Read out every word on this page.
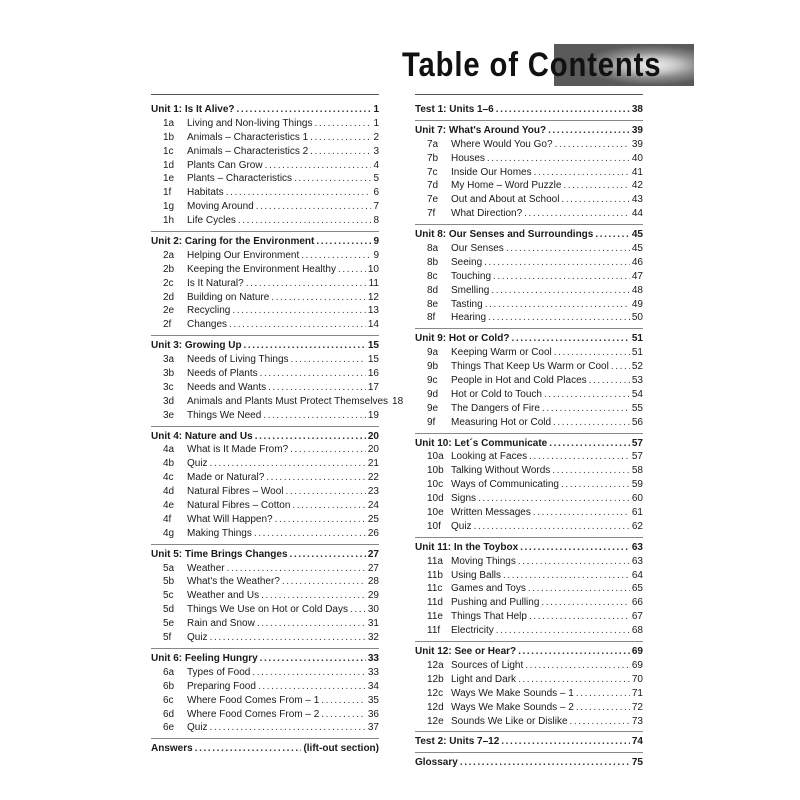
Table of Contents
Unit 1: Is It Alive? .....	1
1a	Living and Non-living Things .....	1
1b	Animals – Characteristics 1 .....	2
1c	Animals – Characteristics 2 .....	3
1d	Plants Can Grow .....	4
1e	Plants – Characteristics .....	5
1f	Habitats .....	6
1g	Moving Around .....	7
1h	Life Cycles .....	8
Unit 2: Caring for the Environment .....	9
2a	Helping Our Environment .....	9
2b	Keeping the Environment Healthy .....	10
2c	Is It Natural? .....	11
2d	Building on Nature .....	12
2e	Recycling .....	13
2f	Changes .....	14
Unit 3: Growing Up .....	15
3a	Needs of Living Things .....	15
3b	Needs of Plants .....	16
3c	Needs and Wants .....	17
3d	Animals and Plants Must Protect Themselves 18
3e	Things We Need .....	19
Unit 4: Nature and Us .....	20
4a	What is It Made From? .....	20
4b	Quiz .....	21
4c	Made or Natural? .....	22
4d	Natural Fibres – Wool .....	23
4e	Natural Fibres – Cotton .....	24
4f	What Will Happen? .....	25
4g	Making Things .....	26
Unit 5: Time Brings Changes .....	27
5a	Weather .....	27
5b	What's the Weather? .....	28
5c	Weather and Us .....	29
5d	Things We Use on Hot or Cold Days ..... 30
5e	Rain and Snow .....	31
5f	Quiz .....	32
Unit 6: Feeling Hungry .....	33
6a	Types of Food .....	33
6b	Preparing Food .....	34
6c	Where Food Comes From – 1 .....	35
6d	Where Food Comes From – 2 .....	36
6e	Quiz .....	37
Answers .....	(lift-out section)
Test 1: Units 1–6 .....	38
Unit 7: What's Around You? .....	39
7a	Where Would You Go? .....	39
7b	Houses .....	40
7c	Inside Our Homes .....	41
7d	My Home – Word Puzzle .....	42
7e	Out and About at School .....	43
7f	What Direction? .....	44
Unit 8: Our Senses and Surroundings .....	45
8a	Our Senses .....	45
8b	Seeing .....	46
8c	Touching .....	47
8d	Smelling .....	48
8e	Tasting .....	49
8f	Hearing .....	50
Unit 9: Hot or Cold? .....	51
9a	Keeping Warm or Cool .....	51
9b	Things That Keep Us Warm or Cool ..... 52
9c	People in Hot and Cold Places .....	53
9d	Hot or Cold to Touch .....	54
9e	The Dangers of Fire .....	55
9f	Measuring Hot or Cold .....	56
Unit 10: Let´s Communicate .....	57
10a Looking at Faces .....	57
10b Talking Without Words .....	58
10c Ways of Communicating .....	59
10d Signs .....	60
10e Written Messages .....	61
10f	Quiz .....	62
Unit 11: In the Toybox .....	63
11a Moving Things .....	63
11b Using Balls .....	64
11c Games and Toys .....	65
11d Pushing and Pulling .....	66
11e Things That Help .....	67
11f	Electricity .....	68
Unit 12: See or Hear? .....	69
12a Sources of Light .....	69
12b Light and Dark .....	70
12c Ways We Make Sounds – 1 .....	71
12d Ways We Make Sounds – 2 .....	72
12e Sounds We Like or Dislike .....	73
Test 2: Units 7–12 .....	74
Glossary .....	75
